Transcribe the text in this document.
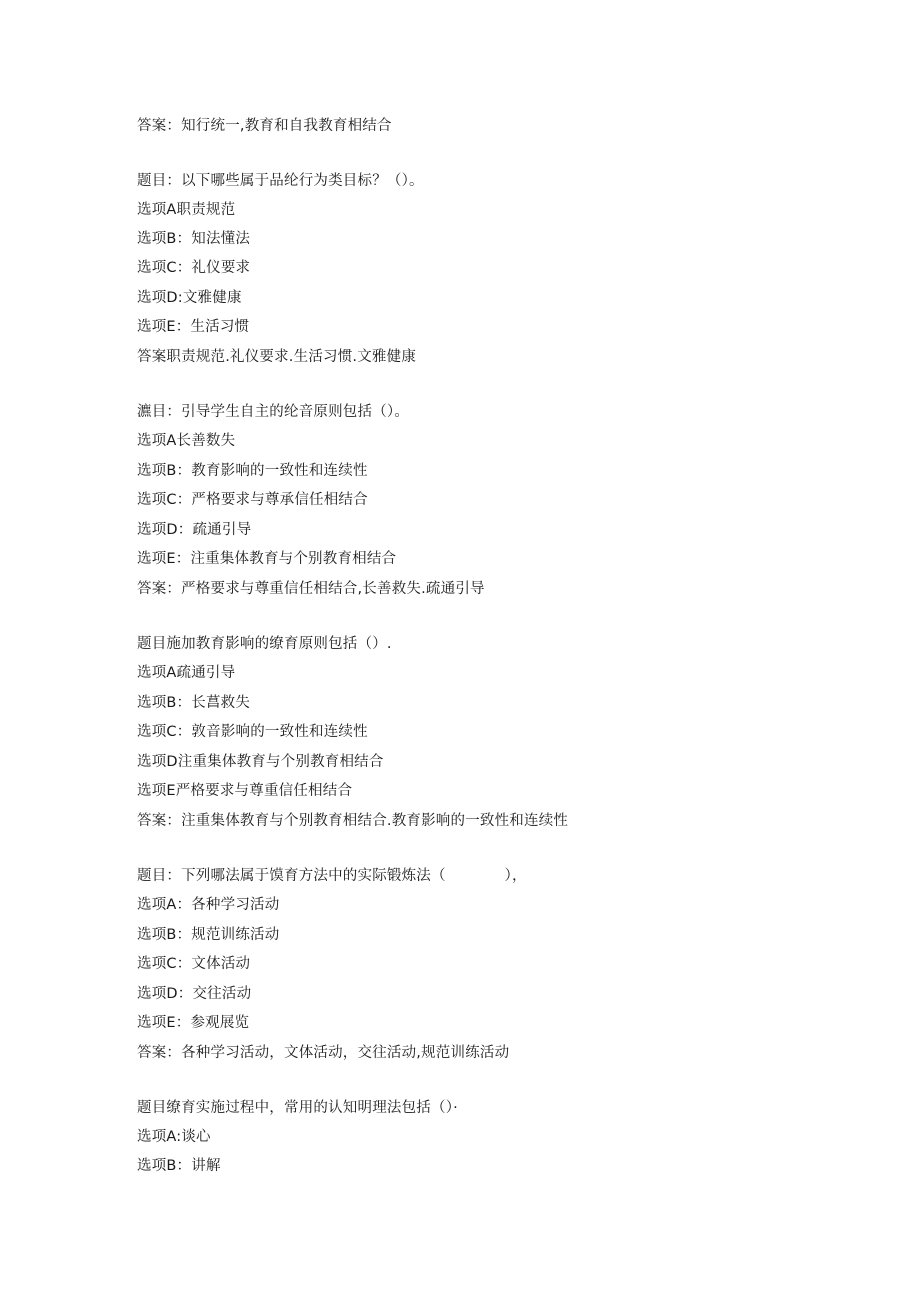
答案：知行统一,教育和自我教育相结合
题目：以下哪些属于品纶行为类目标？（）。
选项A职责规范
选项B：知法懂法
选项C：礼仪要求
选项D:文雅健康
选项E：生活习惯
答案职责规范.礼仪要求.生活习惯.文雅健康
瀌目：引导学生自主的纶音原则包括（）。
选项A长善数失
选项B：教育影响的一致性和连续性
选项C：严格要求与尊承信任相结合
选项D：疏通引导
选项E：注重集体教育与个别教育相结合
答案：严格要求与尊重信任相结合,长善救失.疏通引导
题目施加教育影响的缭育原则包括（）.
选项A疏通引导
选项B：长菖救失
选项C：敦音影响的一致性和连续性
选项D注重集体教育与个别教育相结合
选项E严格要求与尊重信任相结合
答案：注重集体教育与个别教育相结合.教育影响的一致性和连续性
题目：下列哪法属于馍育方法中的实际锻炼法（　　　　），
选项A：各种学习活动
选项B：规范训练活动
选项C：文体活动
选项D：交往活动
选项E：参观展览
答案：各种学习活动，文体活动，交往活动,规范训练活动
题目缭育实施过程中，常用的认知明理法包括（）·
选项A:谈心
选项B：讲解
